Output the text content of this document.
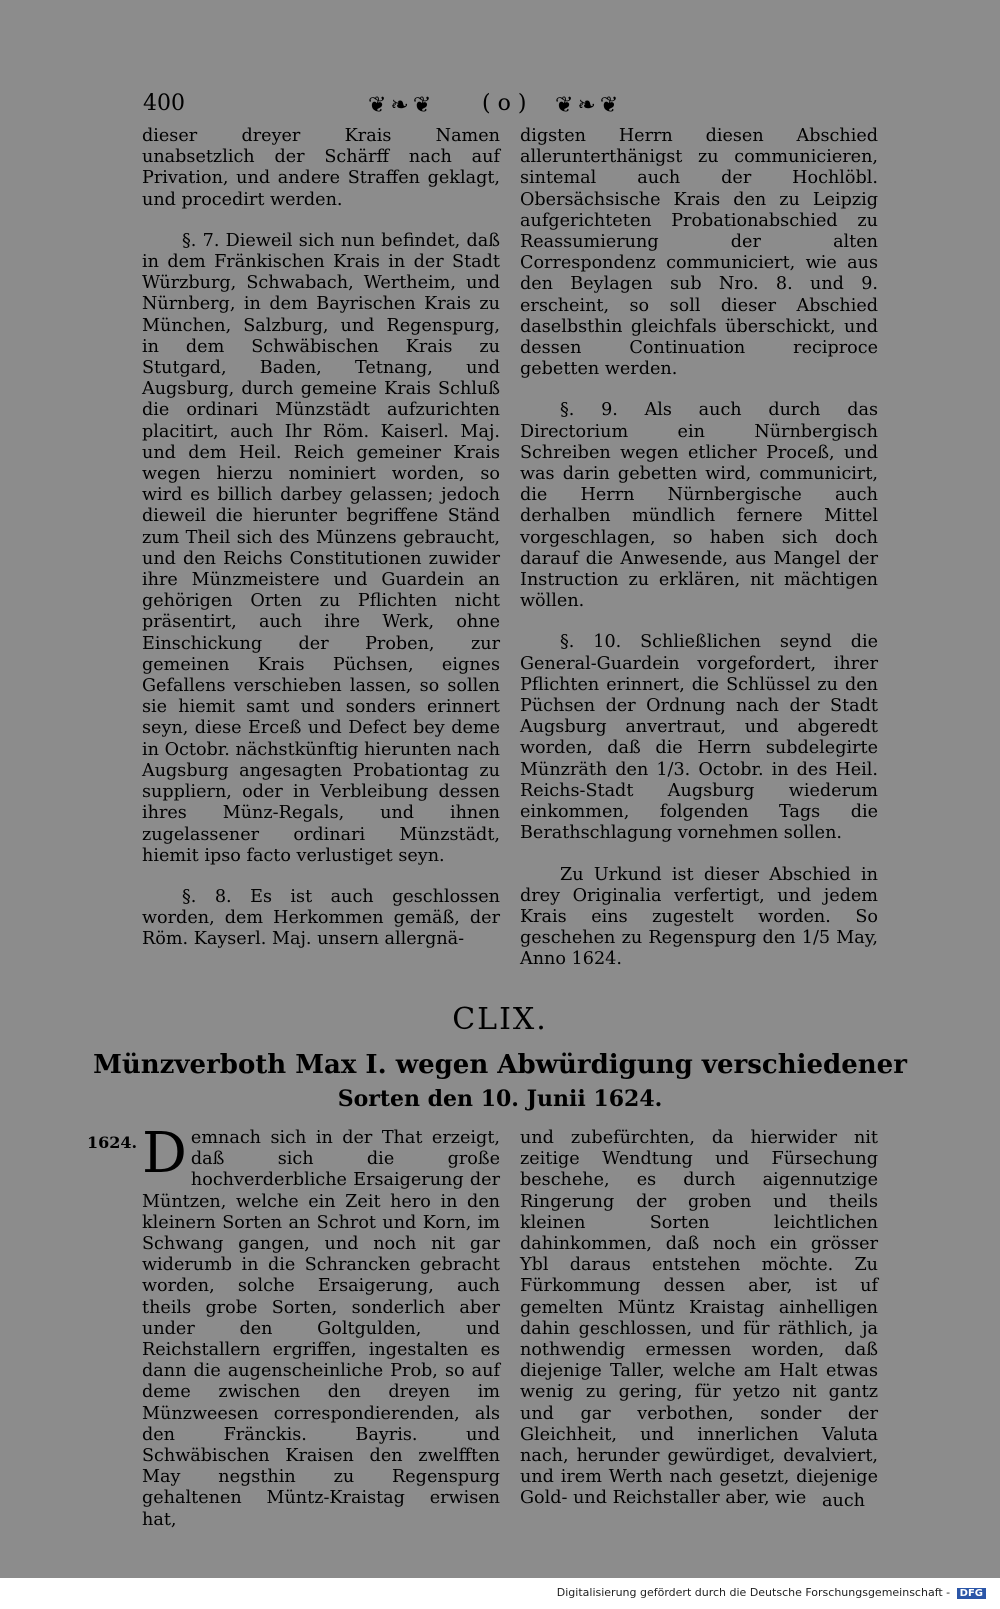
400	❦❧❦ ( o ) ❦❧❦

dieser dreyer Krais Namen unabsetzlich der Schärff nach auf Privation, und andere Straffen geklagt, und procedirt werden.

§. 7. Dieweil sich nun befindet, daß in dem Fränkischen Krais in der Stadt Würzburg, Schwabach, Wertheim, und Nürnberg, in dem Bayrischen Krais zu München, Salzburg, und Regenspurg, in dem Schwäbischen Krais zu Stutgard, Baden, Tetnang, und Augsburg, durch gemeine Krais Schluß die ordinari Münzstädt aufzurichten placitirt, auch Ihr Röm. Kaiserl. Maj. und dem Heil. Reich gemeiner Krais wegen hierzu nominiert worden, so wird es billich darbey gelassen; jedoch dieweil die hierunter begriffene Ständ zum Theil sich des Münzens gebraucht, und den Reichs Constitutionen zuwider ihre Münzmeistere und Guardein an gehörigen Orten zu Pflichten nicht präsentirt, auch ihre Werk, ohne Einschickung der Proben, zur gemeinen Krais Püchsen, eignes Gefallens verschieben lassen, so sollen sie hiemit samt und sonders erinnert seyn, diese Erceß und Defect bey deme in Octobr. nächstkünftig hierunten nach Augsburg angesagten Probationtag zu suppliern, oder in Verbleibung dessen ihres Münz-Regals, und ihnen zugelassener ordinari Münzstädt, hiemit ipso facto verlustiget seyn.

§. 8. Es ist auch geschlossen worden, dem Herkommen gemäß, der Röm. Kayserl. Maj. unsern allergnä-

digsten Herrn diesen Abschied allerunterthänigst zu communicieren, sintemal auch der Hochlöbl. Obersächsische Krais den zu Leipzig aufgerichteten Probationabschied zu Reassumierung der alten Correspondenz communiciert, wie aus den Beylagen sub Nro. 8. und 9. erscheint, so soll dieser Abschied daselbsthin gleichfals überschickt, und dessen Continuation reciproce gebetten werden.

§. 9. Als auch durch das Directorium ein Nürnbergisch Schreiben wegen etlicher Proceß, und was darin gebetten wird, communicirt, die Herrn Nürnbergische auch derhalben mündlich fernere Mittel vorgeschlagen, so haben sich doch darauf die Anwesende, aus Mangel der Instruction zu erklären, nit mächtigen wöllen.

§. 10. Schließlichen seynd die General-Guardein vorgefordert, ihrer Pflichten erinnert, die Schlüssel zu den Püchsen der Ordnung nach der Stadt Augsburg anvertraut, und abgeredt worden, daß die Herrn subdelegirte Münzräth den 1/3. Octobr. in des Heil. Reichs-Stadt Augsburg wiederum einkommen, folgenden Tags die Berathschlagung vornehmen sollen.

Zu Urkund ist dieser Abschied in drey Originalia verfertigt, und jedem Krais eins zugestelt worden. So geschehen zu Regenspurg den 1/5 May, Anno 1624.

CLIX.
Münzverboth Max I. wegen Abwürdigung verschiedener
Sorten den 10. Junii 1624.
1624. D emnach sich in der That erzeigt, daß sich die große hochverderbliche Ersaigerung der Müntzen, welche ein Zeit hero in den kleinern Sorten an Schrot und Korn, im Schwang gangen, und noch nit gar widerumb in die Schrancken gebracht worden, solche Ersaigerung, auch theils grobe Sorten, sonderlich aber under den Goltgulden, und Reichstallern ergriffen, ingestalten es dann die augenscheinliche Prob, so auf deme zwischen den dreyen im Münzweesen correspondierenden, als den Fränckis. Bayris. und Schwäbischen Kraisen den zwelfften May negsthin zu Regenspurg gehaltenen Müntz-Kraistag erwisen hat,
und zubefürchten, da hierwider nit zeitige Wendtung und Fürsechung beschehe, es durch aigennutzige Ringerung der groben und theils kleinen Sorten leichtlichen dahinkommen, daß noch ein grösser Ybl daraus entstehen möchte. Zu Fürkommung dessen aber, ist uf gemelten Müntz Kraistag ainhelligen dahin geschlossen, und für räthlich, ja nothwendig ermessen worden, daß diejenige Taller, welche am Halt etwas wenig zu gering, für yetzo nit gantz und gar verbothen, sonder der Gleichheit, und innerlichen Valuta nach, herunder gewürdiget, devalviert, und irem Werth nach gesetzt, diejenige Gold- und Reichstaller aber, wie auch
Digitalisierung gefördert durch die Deutsche Forschungsgemeinschaft - DFG
